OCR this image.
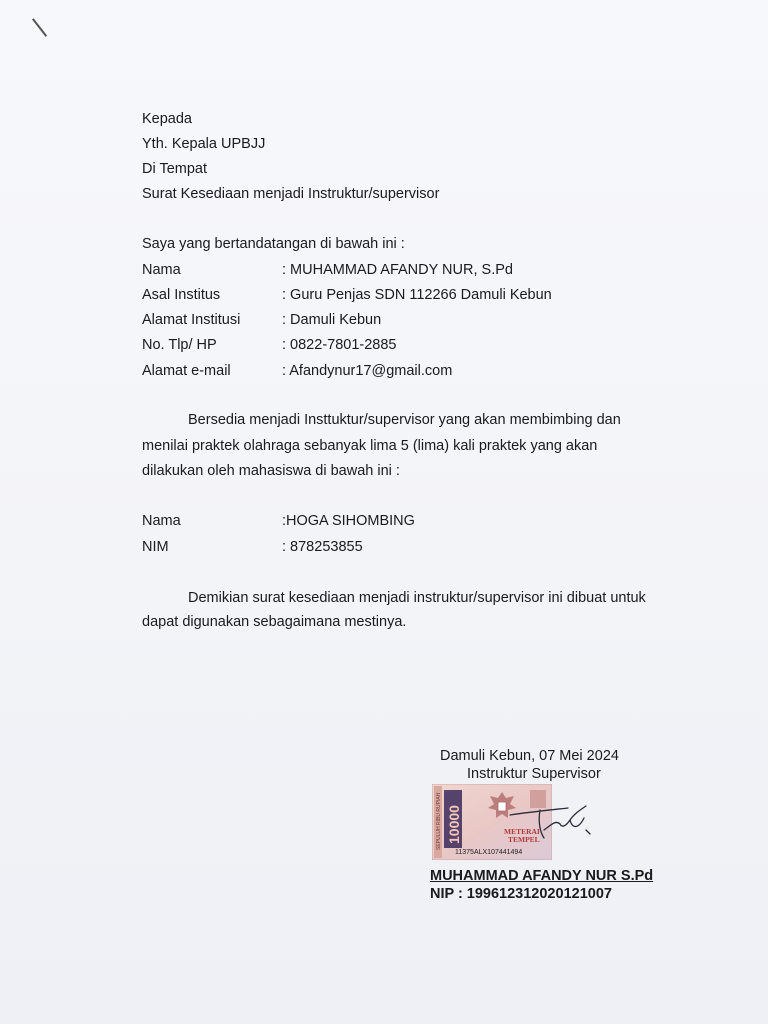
Kepada
Yth. Kepala UPBJJ
Di Tempat
Surat Kesediaan menjadi Instruktur/supervisor
Saya yang bertandatangan di bawah ini :
Nama	: MUHAMMAD AFANDY NUR, S.Pd
Asal Institus	: Guru Penjas SDN 112266 Damuli Kebun
Alamat Institusi	: Damuli Kebun
No. Tlp/ HP	: 0822-7801-2885
Alamat e-mail	: Afandynur17@gmail.com
Bersedia menjadi Insttuktur/supervisor yang akan membimbing dan
menilai praktek olahraga sebanyak lima 5 (lima) kali praktek yang akan
dilakukan oleh mahasiswa di bawah ini :
Nama	:HOGA SIHOMBING
NIM	: 878253855
Demikian surat kesediaan menjadi instruktur/supervisor ini dibuat untuk
dapat digunakan sebagaimana mestinya.
Damuli Kebun, 07 Mei 2024
Instruktur Supervisor
SEPULUH RIBU RUPIAH 10000	METERAI
TEMPEL
11375ALX107441494
MUHAMMAD AFANDY NUR S.Pd
NIP : 199612312020121007
